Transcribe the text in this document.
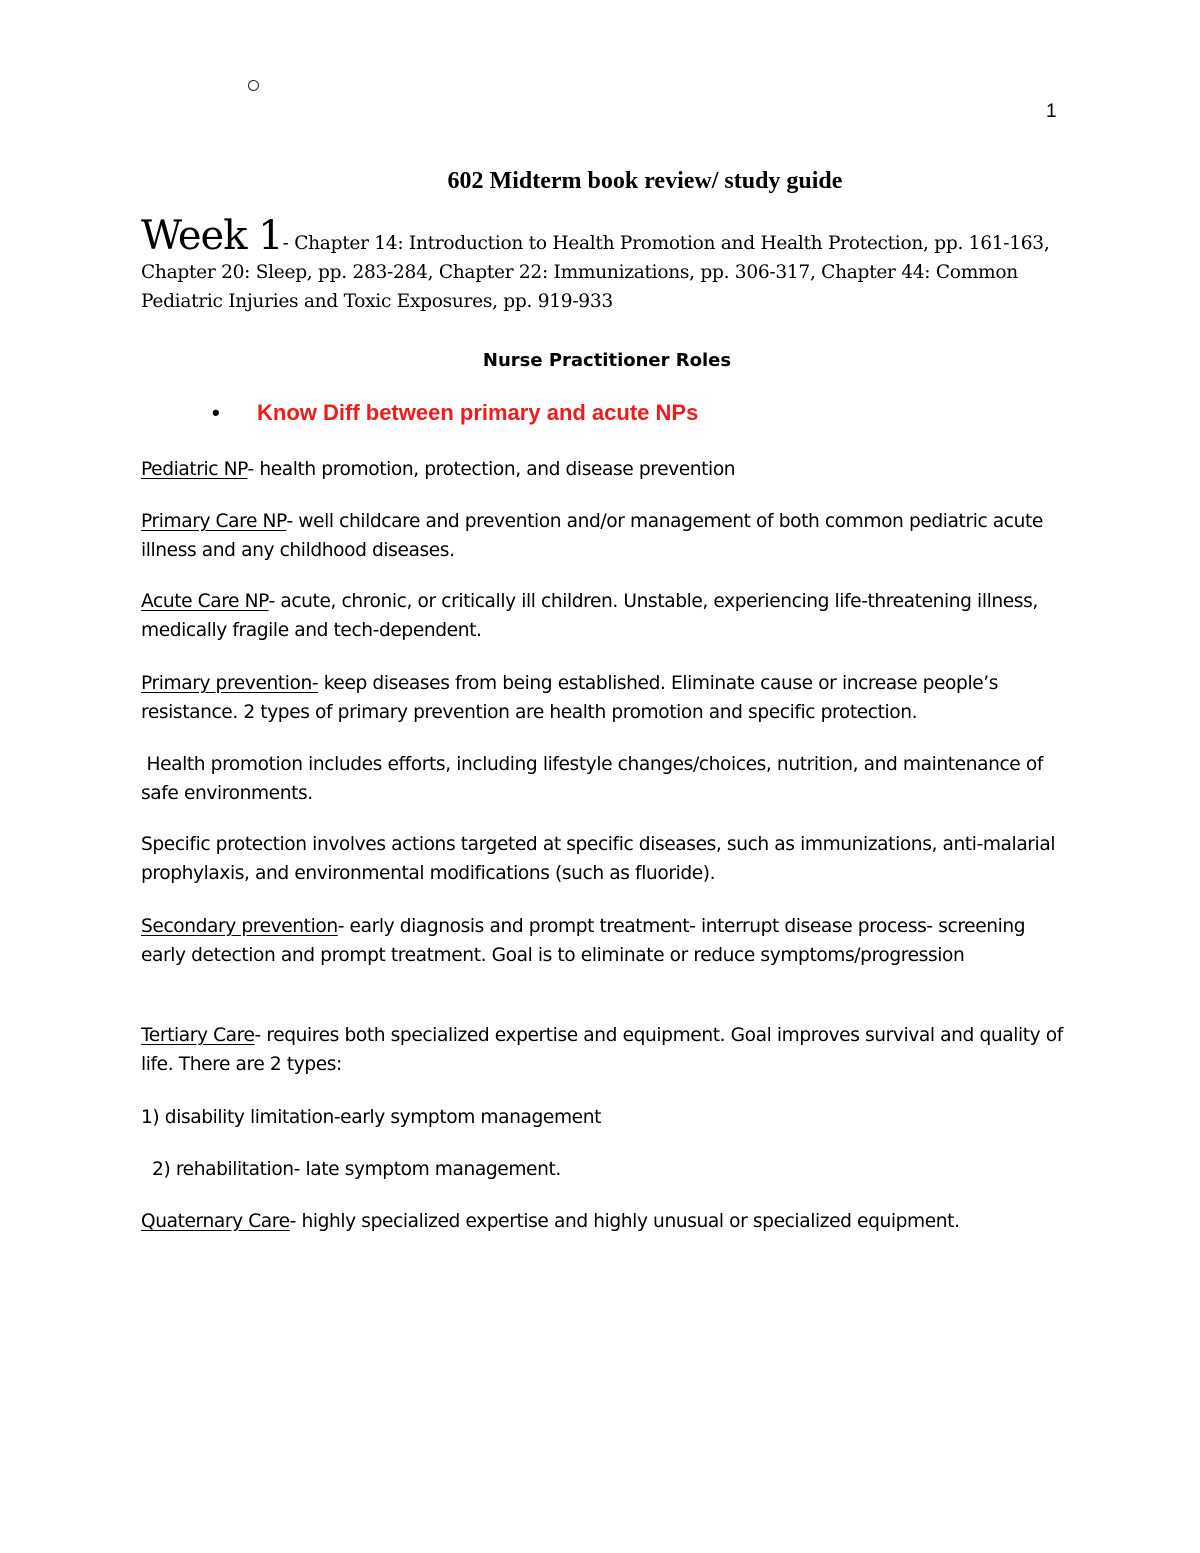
1
602 Midterm book review/ study guide
Week 1- Chapter 14: Introduction to Health Promotion and Health Protection, pp. 161-163, Chapter 20: Sleep, pp. 283-284, Chapter 22: Immunizations, pp. 306-317, Chapter 44: Common Pediatric Injuries and Toxic Exposures, pp. 919-933
Nurse Practitioner Roles
• Know Diff between primary and acute NPs

Pediatric NP- health promotion, protection, and disease prevention

Primary Care NP- well childcare and prevention and/or management of both common pediatric acute illness and any childhood diseases.

Acute Care NP- acute, chronic, or critically ill children. Unstable, experiencing life-threatening illness, medically fragile and tech-dependent.

Primary prevention- keep diseases from being established. Eliminate cause or increase people’s resistance. 2 types of primary prevention are health promotion and specific protection.

Health promotion includes efforts, including lifestyle changes/choices, nutrition, and maintenance of safe environments.

Specific protection involves actions targeted at specific diseases, such as immunizations, anti-malarial prophylaxis, and environmental modifications (such as fluoride).

Secondary prevention- early diagnosis and prompt treatment- interrupt disease process- screening early detection and prompt treatment. Goal is to eliminate or reduce symptoms/progression

Tertiary Care- requires both specialized expertise and equipment. Goal improves survival and quality of life. There are 2 types:

1) disability limitation-early symptom management

2) rehabilitation- late symptom management.

Quaternary Care- highly specialized expertise and highly unusual or specialized equipment.
